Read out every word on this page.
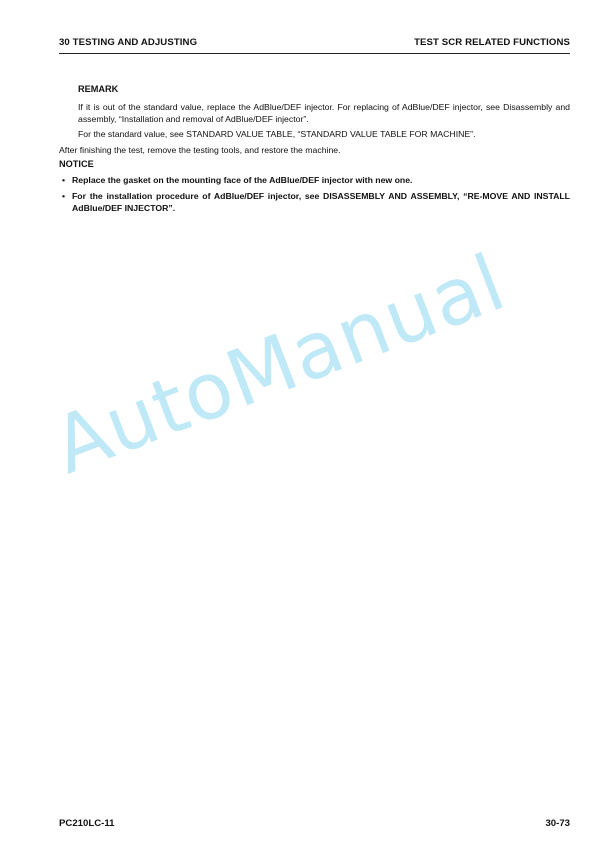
30 TESTING AND ADJUSTING	TEST SCR RELATED FUNCTIONS
REMARK

If it is out of the standard value, replace the AdBlue/DEF injector. For replacing of AdBlue/DEF injector, see Disassembly and assembly, “Installation and removal of AdBlue/DEF injector”.

For the standard value, see STANDARD VALUE TABLE, “STANDARD VALUE TABLE FOR MACHINE”.

After finishing the test, remove the testing tools, and restore the machine.
NOTICE
• Replace the gasket on the mounting face of the AdBlue/DEF injector with new one.
• For the installation procedure of AdBlue/DEF injector, see DISASSEMBLY AND ASSEMBLY, “RE-MOVE AND INSTALL AdBlue/DEF INJECTOR”.
AutoManual
PC210LC-11	30-73
